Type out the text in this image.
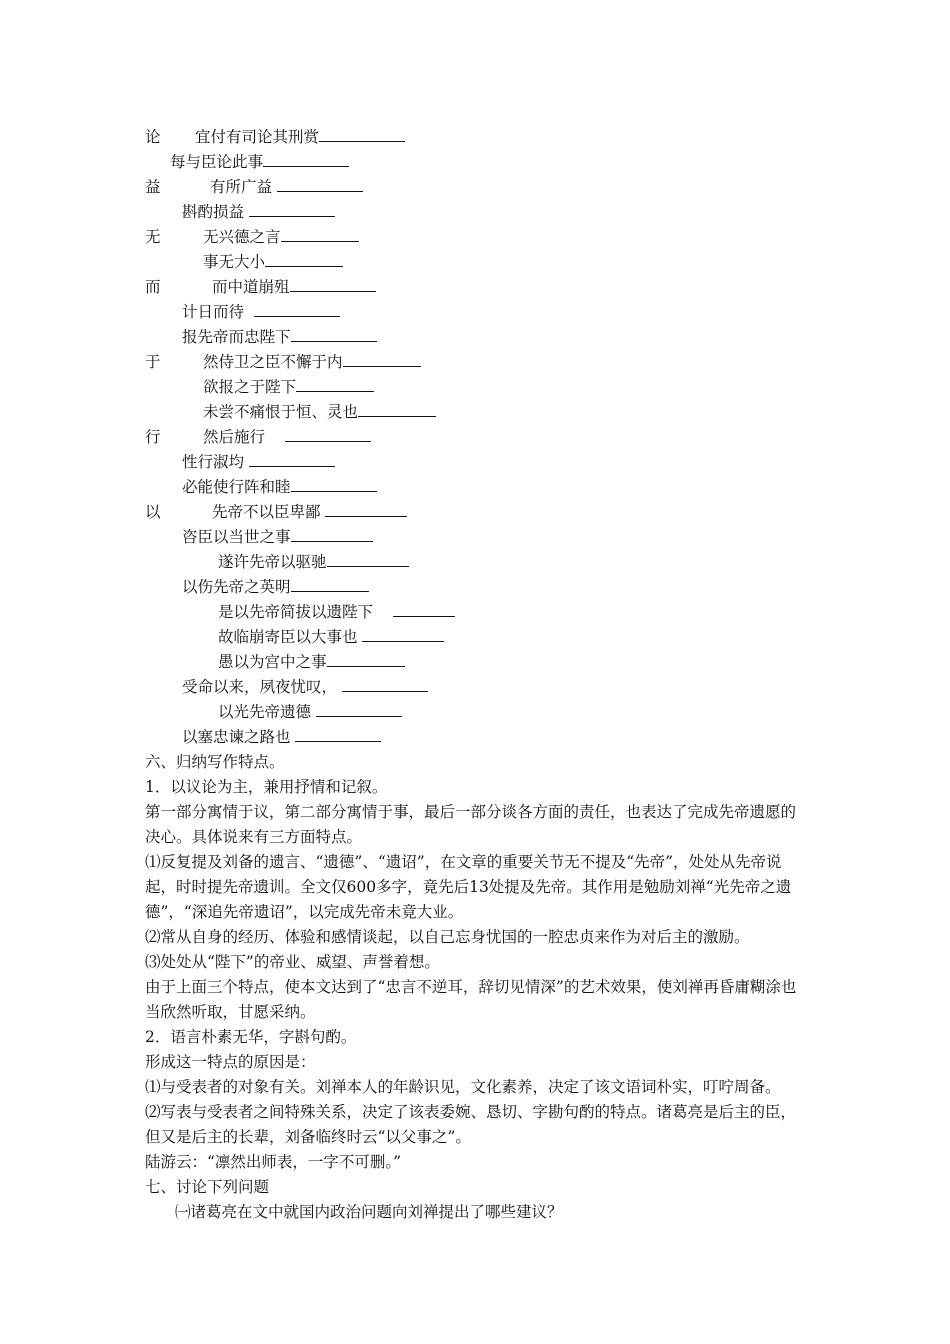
论 宜付有司论其刑赏
每与臣论此事
益	有所广益
斟酌损益
无	无兴德之言
事无大小
而	而中道崩殂
计日而待
报先帝而忠陛下
于	然侍卫之臣不懈于内
欲报之于陛下
未尝不痛恨于恒、灵也
行	然后施行
性行淑均
必能使行阵和睦
以	先帝不以臣卑鄙
咨臣以当世之事
遂许先帝以驱驰
以伤先帝之英明
是以先帝简拔以遗陛下
故临崩寄臣以大事也
愚以为宫中之事
受命以来，夙夜忧叹，
以光先帝遗德
以塞忠谏之路也
六、归纳写作特点。
1．以议论为主，兼用抒情和记叙。
第一部分寓情于议，第二部分寓情于事，最后一部分谈各方面的责任，也表达了完成先帝遗愿的决心。具体说来有三方面特点。
⑴反复提及刘备的遗言、“遗德”、“遗诏”，在文章的重要关节无不提及“先帝”，处处从先帝说起，时时提先帝遗训。全文仅600多字，竟先后13处提及先帝。其作用是勉励刘禅“光先帝之遗德”，“深追先帝遗诏”，以完成先帝未竟大业。
⑵常从自身的经历、体验和感情谈起，以自己忘身忧国的一腔忠贞来作为对后主的激励。
⑶处处从“陛下”的帝业、威望、声誉着想。
由于上面三个特点，使本文达到了“忠言不逆耳，辞切见情深”的艺术效果，使刘禅再昏庸糊涂也当欣然听取，甘愿采纳。
2．语言朴素无华，字斟句酌。
形成这一特点的原因是：
⑴与受表者的对象有关。刘禅本人的年龄识见，文化素养，决定了该文语词朴实，叮咛周备。
⑵写表与受表者之间特殊关系，决定了该表委婉、恳切、字勘句酌的特点。诸葛亮是后主的臣，但又是后主的长辈，刘备临终时云“以父事之”。
陆游云：“凛然出师表，一字不可删。”
七、讨论下列问题
㈠诸葛亮在文中就国内政治问题向刘禅提出了哪些建议？
